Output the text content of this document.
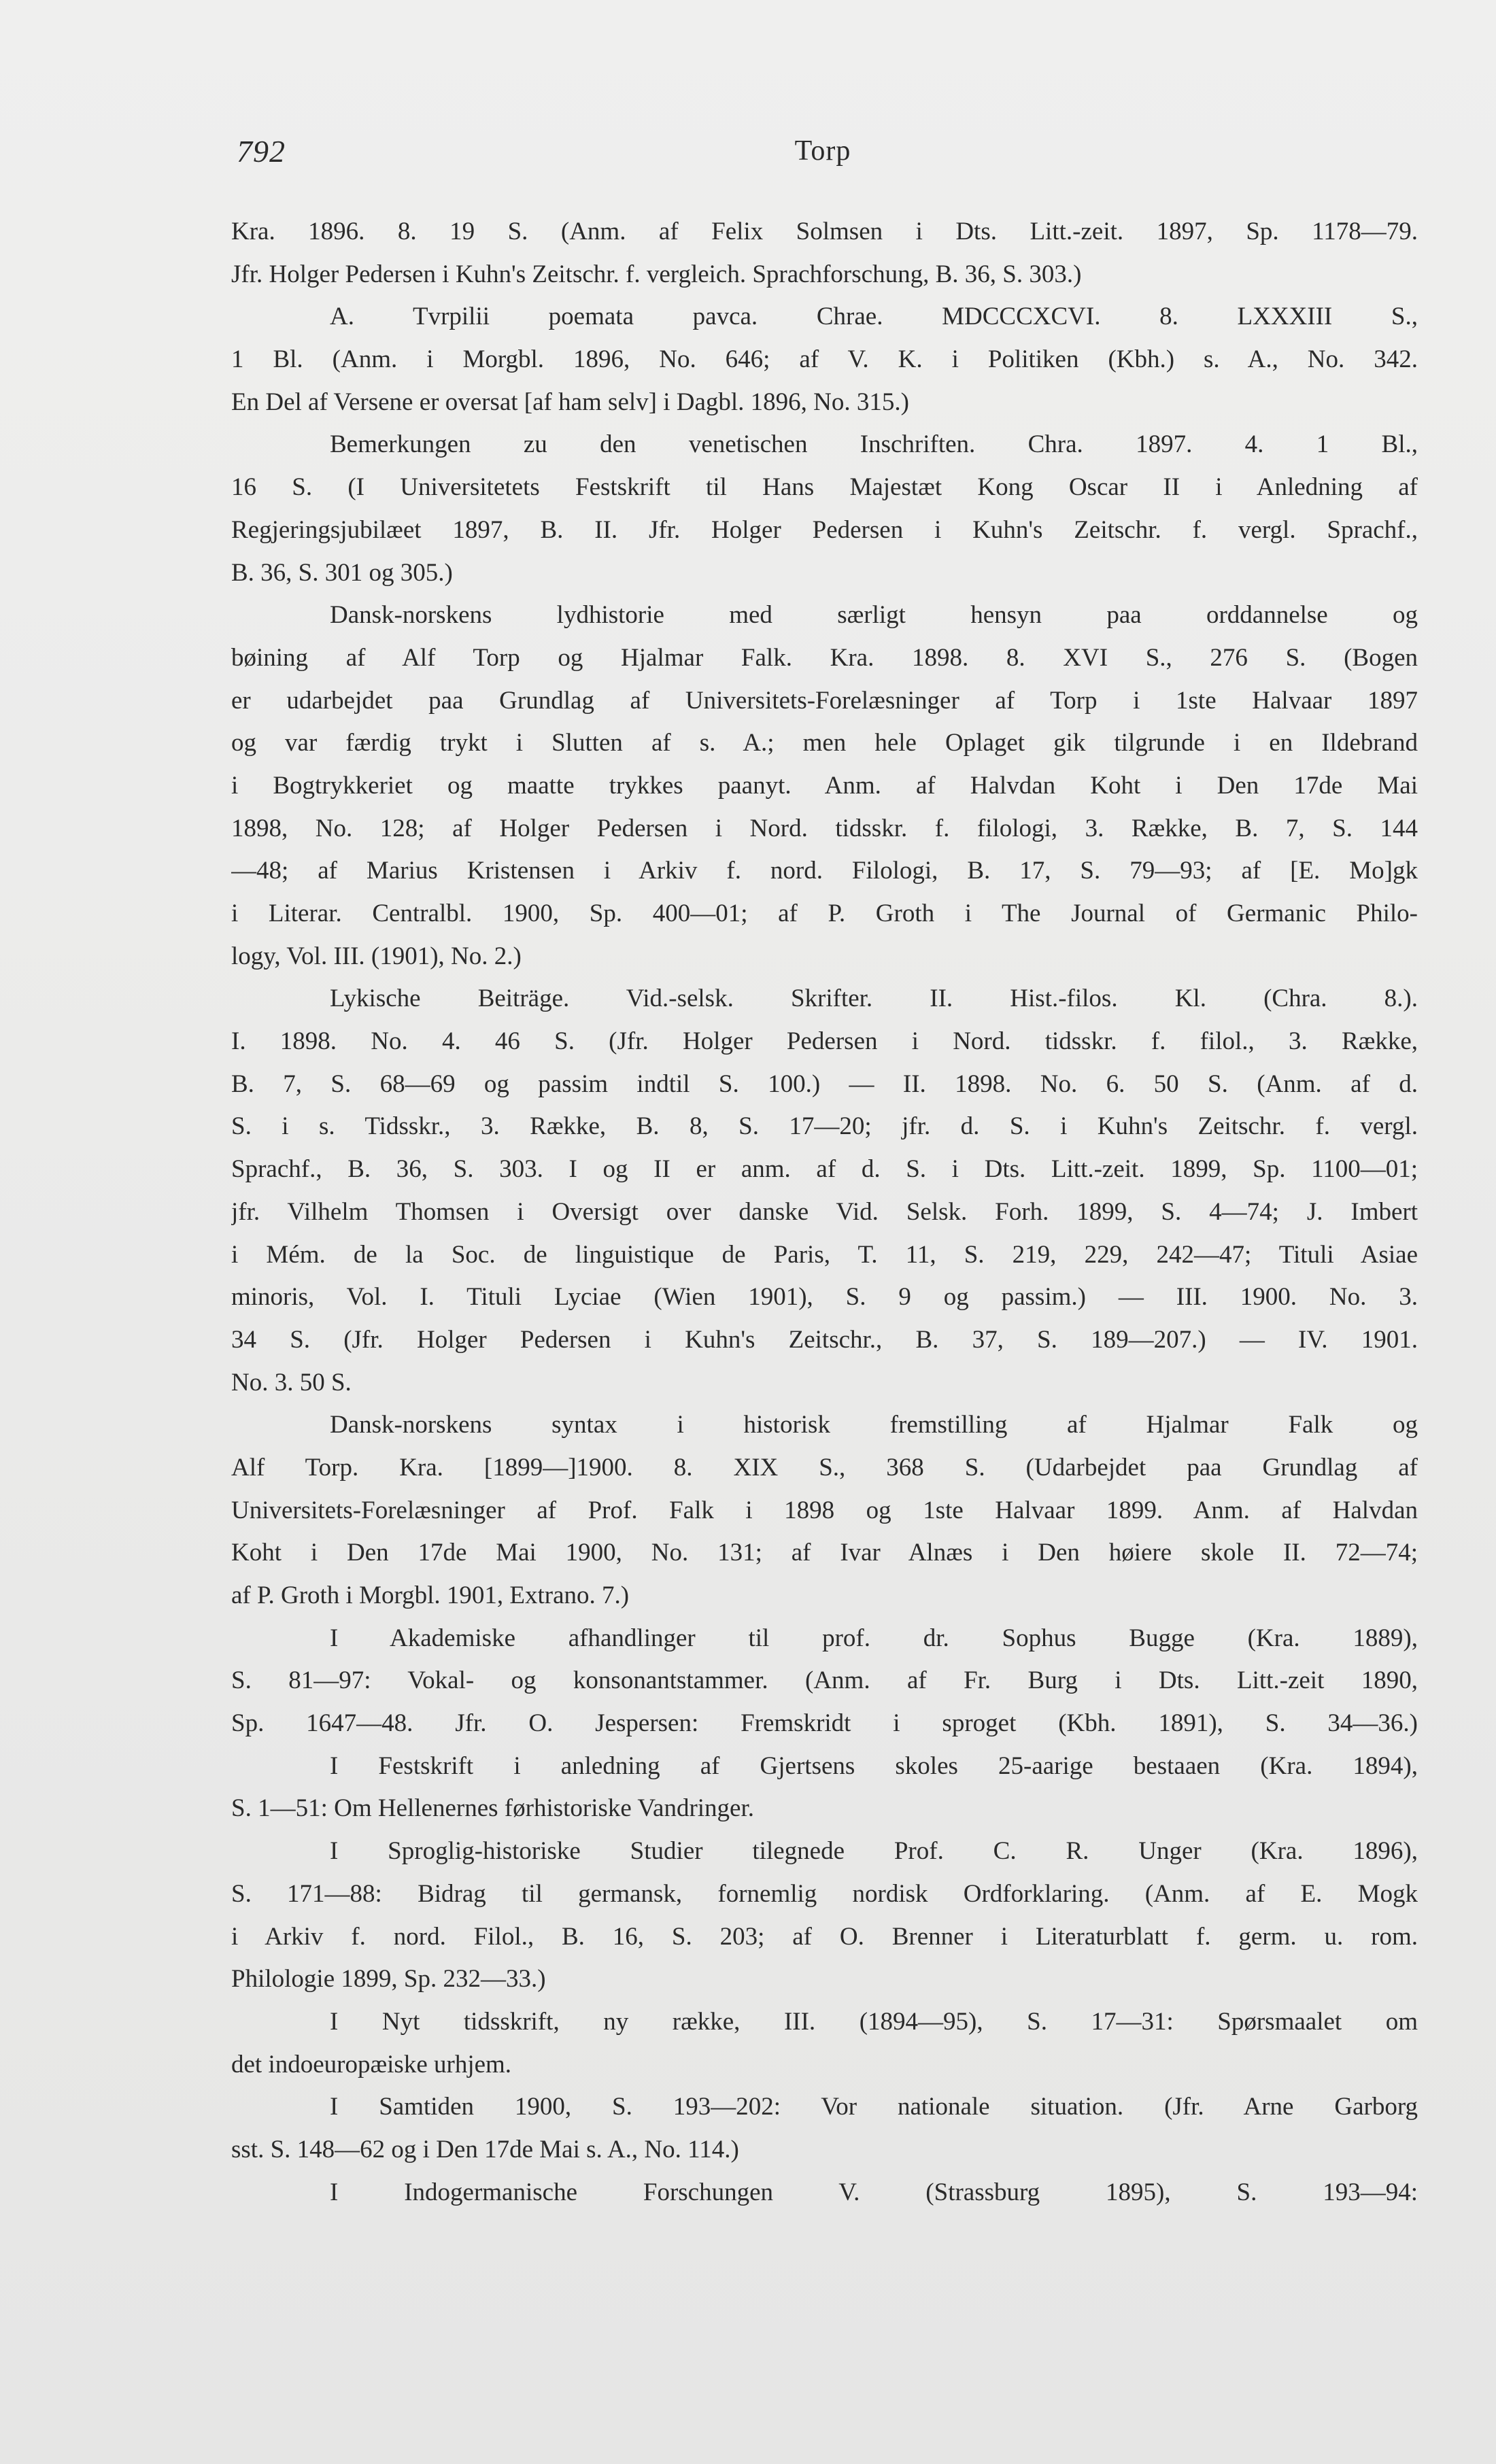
792	Torp
Kra. 1896. 8. 19 S. (Anm. af Felix Solmsen i Dts. Litt.-zeit. 1897, Sp. 1178—79.
Jfr. Holger Pedersen i Kuhn's Zeitschr. f. vergleich. Sprachforschung, B. 36, S. 303.)
A. Tvrpilii poemata pavca. Chrae. MDCCCXCVI. 8. LXXXIII S.,
1 Bl. (Anm. i Morgbl. 1896, No. 646; af V. K. i Politiken (Kbh.) s. A., No. 342.
En Del af Versene er oversat [af ham selv] i Dagbl. 1896, No. 315.)
Bemerkungen zu den venetischen Inschriften. Chra. 1897. 4. 1 Bl.,
16 S. (I Universitetets Festskrift til Hans Majestæt Kong Oscar II i Anledning af
Regjeringsjubilæet 1897, B. II. Jfr. Holger Pedersen i Kuhn's Zeitschr. f. vergl. Sprachf.,
B. 36, S. 301 og 305.)
Dansk-norskens lydhistorie med særligt hensyn paa orddannelse og
bøining af Alf Torp og Hjalmar Falk. Kra. 1898. 8. XVI S., 276 S. (Bogen
er udarbejdet paa Grundlag af Universitets-Forelæsninger af Torp i 1ste Halvaar 1897
og var færdig trykt i Slutten af s. A.; men hele Oplaget gik tilgrunde i en Ildebrand
i Bogtrykkeriet og maatte trykkes paanyt. Anm. af Halvdan Koht i Den 17de Mai
1898, No. 128; af Holger Pedersen i Nord. tidsskr. f. filologi, 3. Række, B. 7, S. 144
—48; af Marius Kristensen i Arkiv f. nord. Filologi, B. 17, S. 79—93; af [E. Mo]gk
i Literar. Centralbl. 1900, Sp. 400—01; af P. Groth i The Journal of Germanic Philo-
logy, Vol. III. (1901), No. 2.)
Lykische Beiträge. Vid.-selsk. Skrifter. II. Hist.-filos. Kl. (Chra. 8.).
I. 1898. No. 4. 46 S. (Jfr. Holger Pedersen i Nord. tidsskr. f. filol., 3. Række,
B. 7, S. 68—69 og passim indtil S. 100.) — II. 1898. No. 6. 50 S. (Anm. af d.
S. i s. Tidsskr., 3. Række, B. 8, S. 17—20; jfr. d. S. i Kuhn's Zeitschr. f. vergl.
Sprachf., B. 36, S. 303. I og II er anm. af d. S. i Dts. Litt.-zeit. 1899, Sp. 1100—01;
jfr. Vilhelm Thomsen i Oversigt over danske Vid. Selsk. Forh. 1899, S. 4—74; J. Imbert
i Mém. de la Soc. de linguistique de Paris, T. 11, S. 219, 229, 242—47; Tituli Asiae
minoris, Vol. I. Tituli Lyciae (Wien 1901), S. 9 og passim.) — III. 1900. No. 3.
34 S. (Jfr. Holger Pedersen i Kuhn's Zeitschr., B. 37, S. 189—207.) — IV. 1901.
No. 3. 50 S.
Dansk-norskens syntax i historisk fremstilling af Hjalmar Falk og
Alf Torp. Kra. [1899—]1900. 8. XIX S., 368 S. (Udarbejdet paa Grundlag af
Universitets-Forelæsninger af Prof. Falk i 1898 og 1ste Halvaar 1899. Anm. af Halvdan
Koht i Den 17de Mai 1900, No. 131; af Ivar Alnæs i Den høiere skole II. 72—74;
af P. Groth i Morgbl. 1901, Extrano. 7.)
I Akademiske afhandlinger til prof. dr. Sophus Bugge (Kra. 1889),
S. 81—97: Vokal- og konsonantstammer. (Anm. af Fr. Burg i Dts. Litt.-zeit 1890,
Sp. 1647—48. Jfr. O. Jespersen: Fremskridt i sproget (Kbh. 1891), S. 34—36.)
I Festskrift i anledning af Gjertsens skoles 25-aarige bestaaen (Kra. 1894),
S. 1—51: Om Hellenernes førhistoriske Vandringer.
I Sproglig-historiske Studier tilegnede Prof. C. R. Unger (Kra. 1896),
S. 171—88: Bidrag til germansk, fornemlig nordisk Ordforklaring. (Anm. af E. Mogk
i Arkiv f. nord. Filol., B. 16, S. 203; af O. Brenner i Literaturblatt f. germ. u. rom.
Philologie 1899, Sp. 232—33.)
I Nyt tidsskrift, ny række, III. (1894—95), S. 17—31: Spørsmaalet om
det indoeuropæiske urhjem.
I Samtiden 1900, S. 193—202: Vor nationale situation. (Jfr. Arne Garborg
sst. S. 148—62 og i Den 17de Mai s. A., No. 114.)
I Indogermanische Forschungen V. (Strassburg 1895), S. 193—94:
